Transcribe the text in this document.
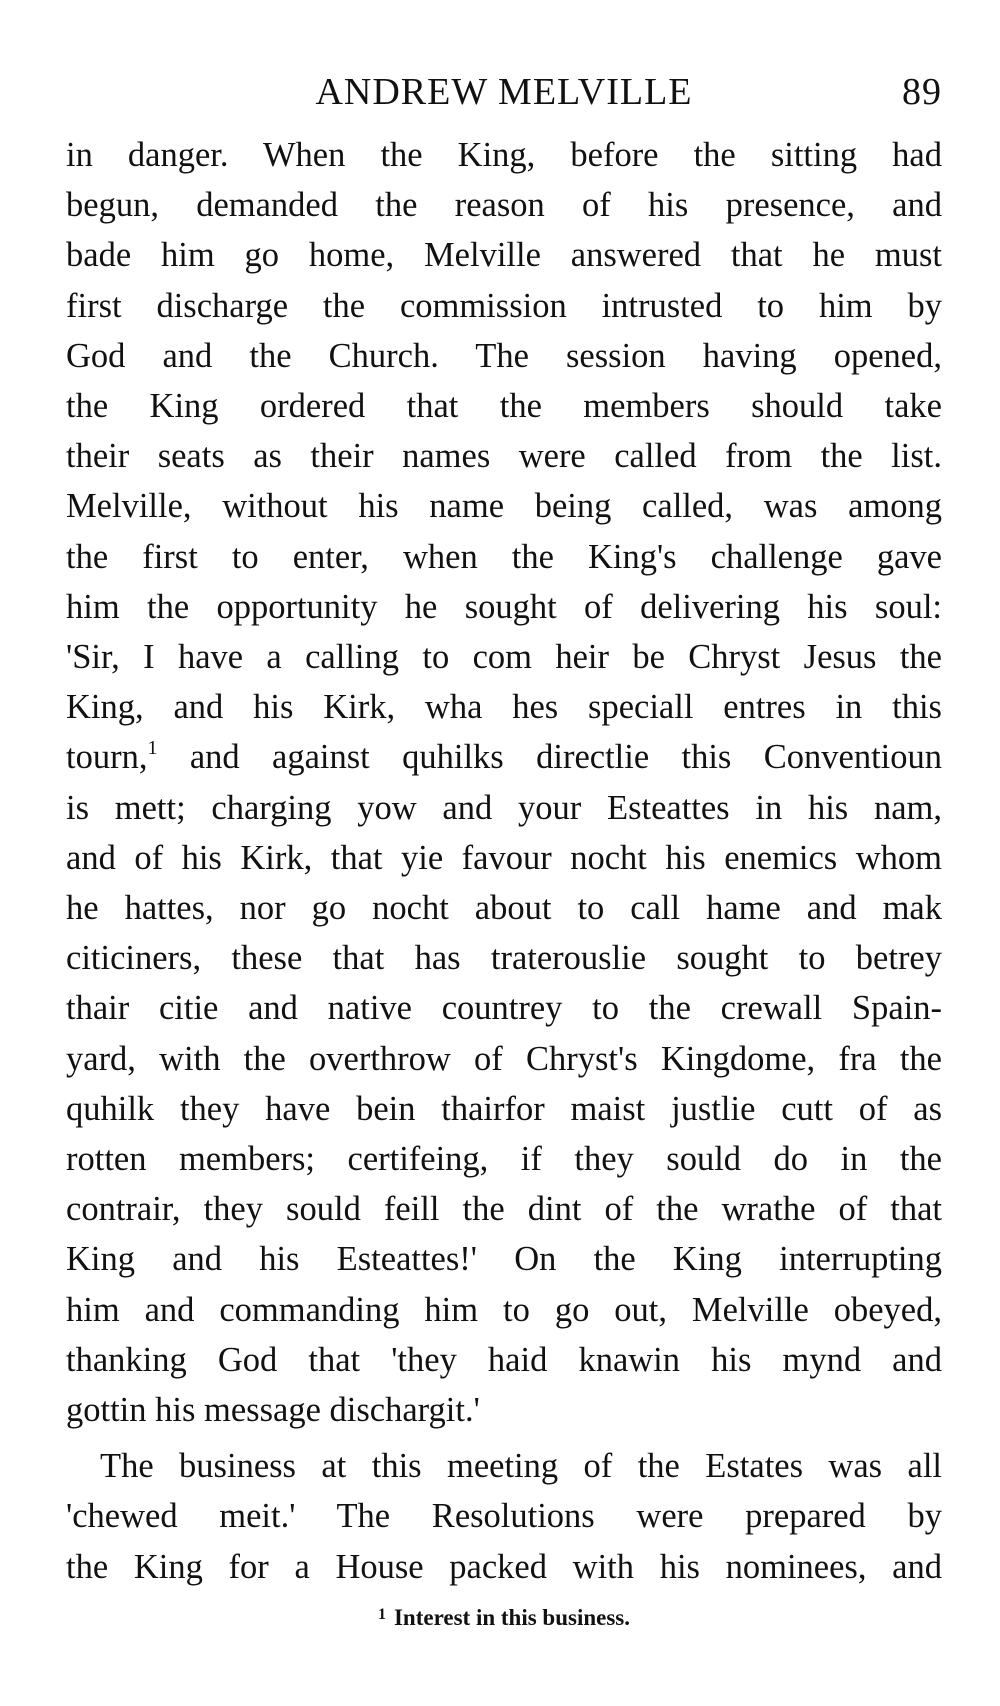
ANDREW MELVILLE	89

in danger. When the King, before the sitting had
begun, demanded the reason of his presence, and
bade him go home, Melville answered that he must
first discharge the commission intrusted to him by
God and the Church. The session having opened,
the King ordered that the members should take
their seats as their names were called from the list.
Melville, without his name being called, was among
the first to enter, when the King's challenge gave
him the opportunity he sought of delivering his soul:
'Sir, I have a calling to com heir be Chryst Jesus the
King, and his Kirk, wha hes speciall entres in this
tourn,$^1$ and against quhilks directlie this Conventioun
is mett; charging yow and your Esteattes in his nam,
and of his Kirk, that yie favour nocht his enemics whom
he hattes, nor go nocht about to call hame and mak
citiciners, these that has traterouslie sought to betrey
thair citie and native countrey to the crewall Spain-
yard, with the overthrow of Chryst's Kingdome, fra the
quhilk they have bein thairfor maist justlie cutt of as
rotten members; certifeing, if they sould do in the
contrair, they sould feill the dint of the wrathe of that
King and his Esteattes!' On the King interrupting
him and commanding him to go out, Melville obeyed,
thanking God that 'they haid knawin his mynd and
gottin his message dischargit.'

The business at this meeting of the Estates was all
'chewed meit.' The Resolutions were prepared by
the King for a House packed with his nominees, and

$^1$ Interest in this business.
